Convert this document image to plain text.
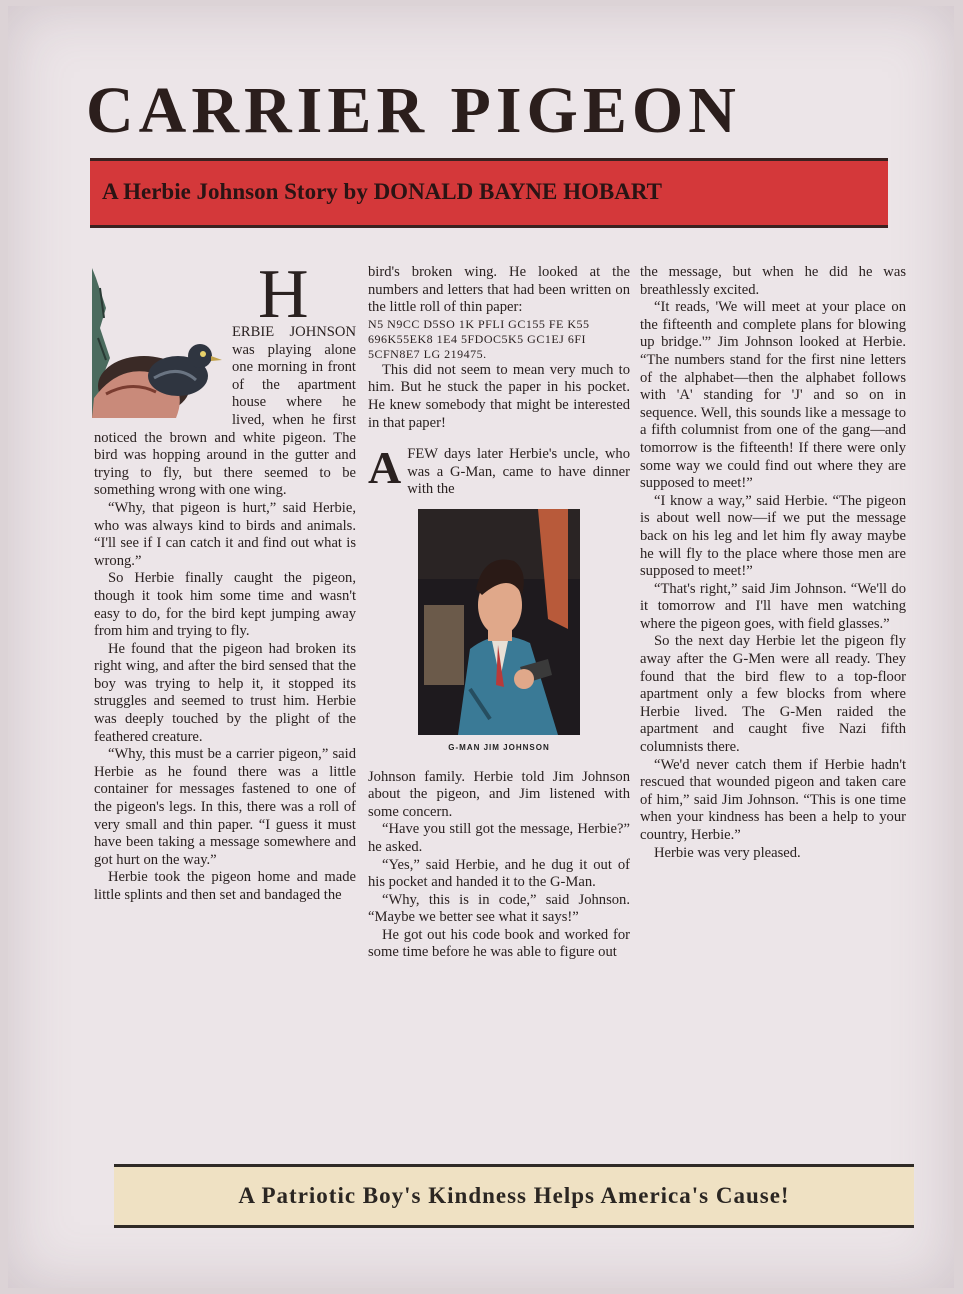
CARRIER PIGEON
A Herbie Johnson Story by DONALD BAYNE HOBART
H

ERBIE JOHNSON was playing alone one morning in front of the apartment house where he lived, when he first noticed the brown and white pigeon. The bird was hopping around in the gutter and trying to fly, but there seemed to be something wrong with one wing.

“Why, that pigeon is hurt,” said Herbie, who was always kind to birds and animals. “I'll see if I can catch it and find out what is wrong.”

So Herbie finally caught the pigeon, though it took him some time and wasn't easy to do, for the bird kept jumping away from him and trying to fly.

He found that the pigeon had broken its right wing, and after the bird sensed that the boy was trying to help it, it stopped its struggles and seemed to trust him. Herbie was deeply touched by the plight of the feathered creature.

“Why, this must be a carrier pigeon,” said Herbie as he found there was a little container for messages fastened to one of the pigeon's legs. In this, there was a roll of very small and thin paper. “I guess it must have been taking a message somewhere and got hurt on the way.”

Herbie took the pigeon home and made little splints and then set and bandaged the

bird's broken wing. He looked at the numbers and letters that had been written on the little roll of thin paper:

N5 N9CC D5SO 1K PFLI GC155 FE K55 696K55EK8 1E4 5FDOC5K5 GC1EJ 6FI 5CFN8E7 LG 219475.

This did not seem to mean very much to him. But he stuck the paper in his pocket. He knew somebody that might be interested in that paper!

A FEW days later Herbie's uncle, who was a G-Man, came to have dinner with the

G-MAN JIM JOHNSON

Johnson family. Herbie told Jim Johnson about the pigeon, and Jim listened with some concern.

“Have you still got the message, Herbie?” he asked.

“Yes,” said Herbie, and he dug it out of his pocket and handed it to the G-Man.

“Why, this is in code,” said Johnson. “Maybe we better see what it says!”

He got out his code book and worked for some time before he was able to figure out

the message, but when he did he was breathlessly excited.

“It reads, 'We will meet at your place on the fifteenth and complete plans for blowing up bridge.'” Jim Johnson looked at Herbie. “The numbers stand for the first nine letters of the alphabet—then the alphabet follows with 'A' standing for 'J' and so on in sequence. Well, this sounds like a message to a fifth columnist from one of the gang—and tomorrow is the fifteenth! If there were only some way we could find out where they are supposed to meet!”

“I know a way,” said Herbie. “The pigeon is about well now—if we put the message back on his leg and let him fly away maybe he will fly to the place where those men are supposed to meet!”

“That's right,” said Jim Johnson. “We'll do it tomorrow and I'll have men watching where the pigeon goes, with field glasses.”

So the next day Herbie let the pigeon fly away after the G-Men were all ready. They found that the bird flew to a top-floor apartment only a few blocks from where Herbie lived. The G-Men raided the apartment and caught five Nazi fifth columnists there.

“We'd never catch them if Herbie hadn't rescued that wounded pigeon and taken care of him,” said Jim Johnson. “This is one time when your kindness has been a help to your country, Herbie.”

Herbie was very pleased.

A Patriotic Boy's Kindness Helps America's Cause!
